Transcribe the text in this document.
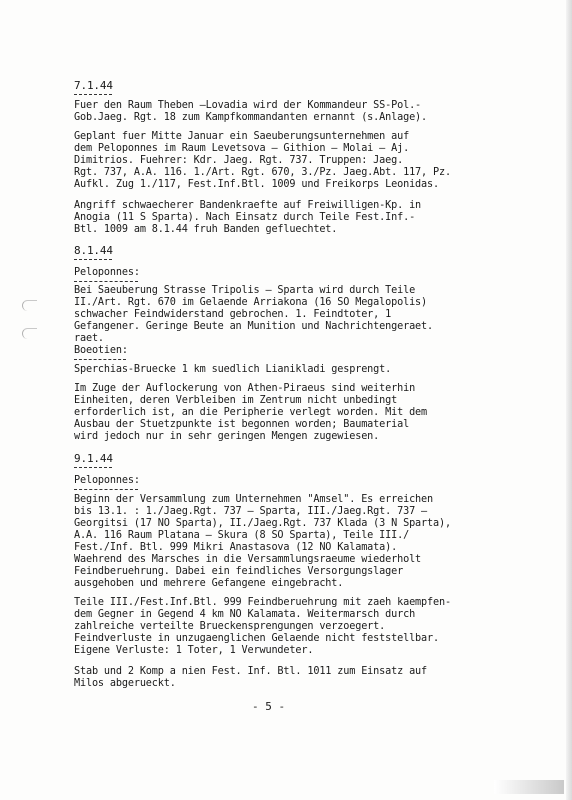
7.1.44
Fuer den Raum Theben –Lovadia wird der Kommandeur SS-Pol.-
Gob.Jaeg. Rgt. 18 zum Kampfkommandanten ernannt (s.Anlage).
Geplant fuer Mitte Januar ein Saeuberungsunternehmen auf
dem Peloponnes im Raum Levetsova – Githion – Molai – Aj.
Dimitrios. Fuehrer: Kdr. Jaeg. Rgt. 737. Truppen: Jaeg.
Rgt. 737, A.A. 116. 1./Art. Rgt. 670, 3./Pz. Jaeg.Abt. 117, Pz.
Aufkl. Zug 1./117, Fest.Inf.Btl. 1009 und Freikorps Leonidas.
Angriff schwaecherer Bandenkraefte auf Freiwilligen-Kp. in
Anogia (11 S Sparta). Nach Einsatz durch Teile Fest.Inf.-
Btl. 1009 am 8.1.44 fruh Banden gefluechtet.
8.1.44
Peloponnes:
Bei Saeuberung Strasse Tripolis – Sparta wird durch Teile
II./Art. Rgt. 670 im Gelaende Arriakona (16 SO Megalopolis)
schwacher Feindwiderstand gebrochen. 1. Feindtoter, 1
Gefangener. Geringe Beute an Munition und Nachrichtengeraet.
raet.
Boeotien:
Sperchias-Bruecke 1 km suedlich Lianikladi gesprengt.
Im Zuge der Auflockerung von Athen-Piraeus sind weiterhin
Einheiten, deren Verbleiben im Zentrum nicht unbedingt
erforderlich ist, an die Peripherie verlegt worden. Mit dem
Ausbau der Stuetzpunkte ist begonnen worden; Baumaterial
wird jedoch nur in sehr geringen Mengen zugewiesen.
9.1.44
Peloponnes:
Beginn der Versammlung zum Unternehmen "Amsel". Es erreichen
bis 13.1. : 1./Jaeg.Rgt. 737 – Sparta, III./Jaeg.Rgt. 737 –
Georgitsi (17 NO Sparta), II./Jaeg.Rgt. 737 Klada (3 N Sparta),
A.A. 116 Raum Platana – Skura (8 SO Sparta), Teile III./
Fest./Inf. Btl. 999 Mikri Anastasova (12 NO Kalamata).
Waehrend des Marsches in die Versammlungsraeume wiederholt
Feindberuehrung. Dabei ein feindliches Versorgungslager
ausgehoben und mehrere Gefangene eingebracht.
Teile III./Fest.Inf.Btl. 999 Feindberuehrung mit zaeh kaempfen-
dem Gegner in Gegend 4 km NO Kalamata. Weitermarsch durch
zahlreiche verteilte Brueckensprengungen verzoegert.
Feindverluste in unzugaenglichen Gelaende nicht feststellbar.
Eigene Verluste: 1 Toter, 1 Verwundeter.
Stab und 2 Komp a nien Fest. Inf. Btl. 1011 zum Einsatz auf
Milos abgerueckt.
- 5 -
